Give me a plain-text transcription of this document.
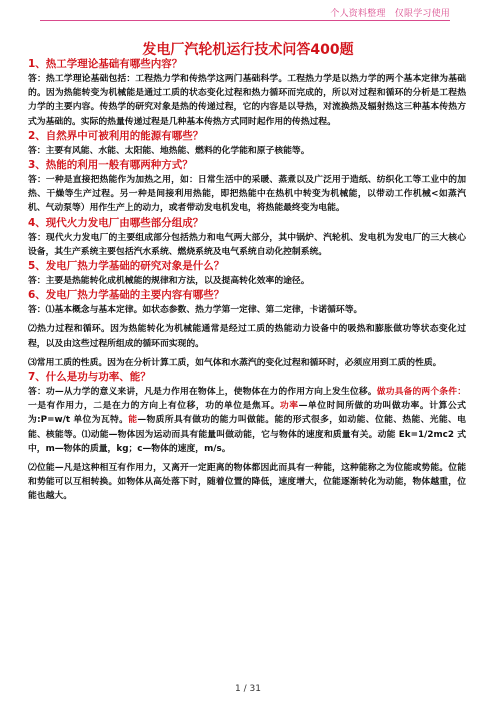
个人资料整理　仅限学习使用
发电厂汽轮机运行技术问答400题

1、热工学理论基础有哪些内容？

答：热工学理论基础包括：工程热力学和传热学这两门基础科学。工程热力学是以热力学的两个基本定律为基础的。因为热能转变为机械能是通过工质的状态变化过程和热力循环而完成的，所以对过程和循环的分析是工程热力学的主要内容。传热学的研究对象是热的传递过程，它的内容是以导热，对流换热及辐射热这三种基本传热方式为基础的。实际的热量传递过程是几种基本传热方式同时起作用的传热过程。

2、自然界中可被利用的能源有哪些？

答：主要有风能、水能、太阳能、地热能、燃料的化学能和原子核能等。

3、热能的利用一般有哪两种方式？

答：一种是直接把热能作为加热之用，如：日常生活中的采暖、蒸煮以及广泛用于造纸、纺织化工等工业中的加热、干燥等生产过程。另一种是间接利用热能，即把热能中在热机中转变为机械能，以带动工作机械<如蒸汽机、气动泵等）用作生产上的动力，或者带动发电机发电，将热能最终变为电能。

4、现代火力发电厂由哪些部分组成？

答：现代火力发电厂的主要组成部分包括热力和电气两大部分，其中锅炉、汽轮机、发电机为发电厂的三大核心设备，其生产系统主要包括汽水系统、燃烧系统及电气系统自动化控制系统。

5、发电厂热力学基础的研究对象是什么？

答：主要是热能转化成机械能的规律和方法，以及提高转化效率的途径。

6、发电厂热力学基础的主要内容有哪些？

答：⑴基本概念与基本定律。如状态参数、热力学第一定律、第二定律，卡诺循环等。

⑵热力过程和循环。因为热能转化为机械能通常是经过工质的热能动力设备中的吸热和膨胀做功等状态变化过程，以及由这些过程所组成的循环而实现的。

⑶常用工质的性质。因为在分析计算工质，如气体和水蒸汽的变化过程和循环时，必须应用到工质的性质。

7、什么是功与功率、能？

答：功—从力学的意义来讲，凡是力作用在物体上，使物体在力的作用方向上发生位移。做功具备的两个条件：一是有作用力，二是在力的方向上有位移，功的单位是焦耳。功率—单位时间所做的功叫做功率。计算公式为:P=w/t 单位为瓦特。能—物质所具有做功的能力叫做能。能的形式很多，如动能、位能、热能、光能、电能、核能等。⑴动能—物体因为运动而具有能量叫做动能，它与物体的速度和质量有关。动能 Ek=1/2mc2 式中，m—物体的质量，kg；c—物体的速度，m/s。

⑵位能—凡是这种相互有作用力，又离开一定距离的物体都因此而具有一种能，这种能称之为位能或势能。位能和势能可以互相转换。如物体从高处落下时，随着位置的降低，速度增大，位能逐渐转化为动能，物体越重，位能也越大。

1 / 31
